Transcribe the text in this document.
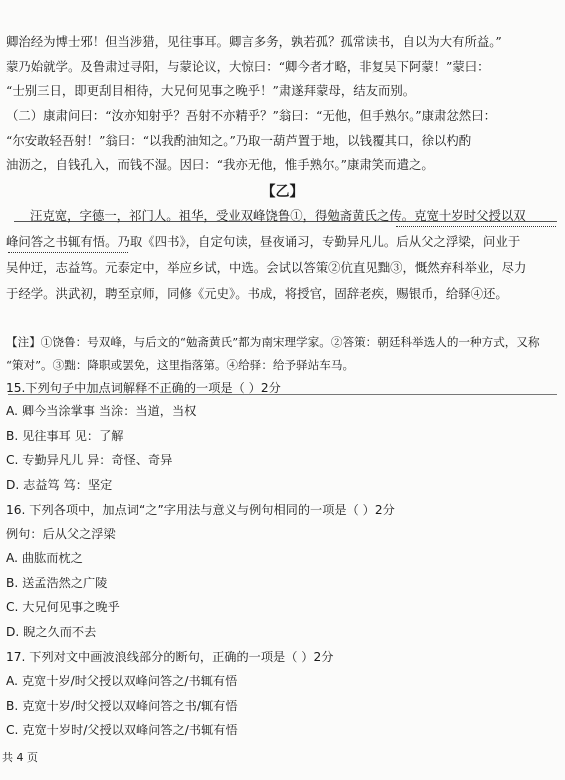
卿治经为博士邪！但当涉猎，见往事耳。卿言多务，孰若孤？孤常读书，自以为大有所益。”
蒙乃始就学。及鲁肃过寻阳，与蒙论议，大惊曰：“卿今者才略，非复吴下阿蒙！”蒙曰：
“士别三日，即更刮目相待，大兄何见事之晚乎！”肃遂拜蒙母，结友而别。
（二）康肃问曰：“汝亦知射乎？吾射不亦精乎？”翁曰：“无他，但手熟尔。”康肃忿然曰：
“尔安敢轻吾射！”翁曰：“以我酌油知之。”乃取一葫芦置于地，以钱覆其口，徐以杓酌
油沥之，自钱孔入，而钱不湿。因曰：“我亦无他，惟手熟尔。”康肃笑而遣之。
【乙】
汪克宽，字德一，祁门人。祖华，受业双峰饶鲁①，得勉斋黄氏之传。克宽十岁时父授以双
峰问答之书辄有悟。乃取《四书》，自定句读，昼夜诵习，专勤异凡儿。后从父之浮梁，问业于
吴仲迂，志益笃。元泰定中，举应乡试，中选。会试以答策②伉直见黜③，慨然弃科举业，尽力
于经学。洪武初，聘至京师，同修《元史》。书成，将授官，固辞老疾，赐银币，给驿④还。
【注】①饶鲁：号双峰，与后文的“勉斋黄氏”都为南宋理学家。②答策：朝廷科举选人的一种方式，又称
“策对”。③黜：降职或罢免，这里指落第。④给驿：给予驿站车马。
15.下列句子中加点词解释不正确的一项是（ ）2分
A. 卿今当涂掌事 当涂：当道，当权
B. 见往事耳 见：了解
C. 专勤异凡儿 异：奇怪、奇异
D. 志益笃 笃：坚定
16. 下列各项中，加点词“之”字用法与意义与例句相同的一项是（ ）2分
例句：后从父之浮梁
A. 曲肱而枕之
B. 送孟浩然之广陵
C. 大兄何见事之晚乎
D. 睨之久而不去
17. 下列对文中画波浪线部分的断句，正确的一项是（ ）2分
A. 克宽十岁/时父授以双峰问答之/书辄有悟
B. 克宽十岁/时父授以双峰问答之书/辄有悟
C. 克宽十岁时/父授以双峰问答之/书辄有悟
共 4 页
